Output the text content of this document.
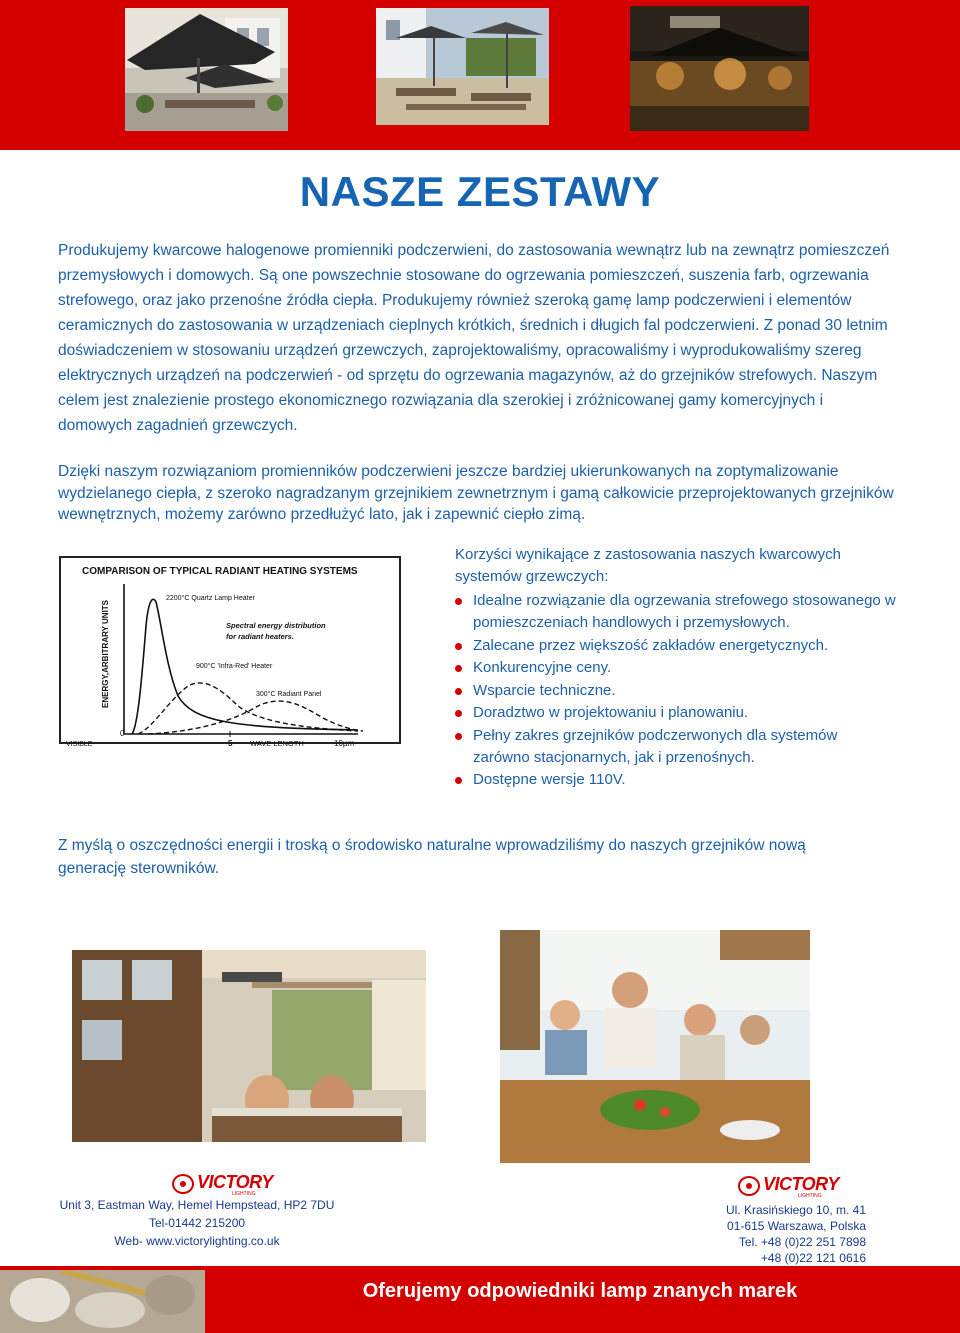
NASZE ZESTAWY
Produkujemy kwarcowe halogenowe promienniki podczerwieni, do zastosowania wewnątrz lub na zewnątrz pomieszczeń przemysłowych i domowych. Są one powszechnie stosowane do ogrzewania pomieszczeń, suszenia farb, ogrzewania strefowego, oraz jako przenośne źródła ciepła. Produkujemy również szeroką gamę lamp podczerwieni i elementów ceramicznych do zastosowania w urządzeniach cieplnych krótkich, średnich i długich fal podczerwieni. Z ponad 30 letnim doświadczeniem w stosowaniu urządzeń grzewczych, zaprojektowaliśmy, opracowaliśmy i wyprodukowaliśmy szereg elektrycznych urządzeń na podczerwień - od sprzętu do ogrzewania magazynów, aż do grzejników strefowych. Naszym celem jest znalezienie prostego ekonomicznego rozwiązania dla szerokiej i zróżnicowanej gamy komercyjnych i domowych zagadnień grzewczych.
Dzięki naszym rozwiązaniom promienników podczerwieni jeszcze bardziej ukierunkowanych na zoptymalizowanie wydzielanego ciepła, z szeroko nagradzanym grzejnikiem zewnetrznym i gamą całkowicie przeprojektowanych grzejników wewnętrznych, możemy zarówno przedłużyć lato, jak i zapewnić ciepło zimą.
COMPARISON OF TYPICAL RADIANT HEATING SYSTEMS
ENERGY,ARBITRARY UNITS
2200°C Quartz Lamp Heater
Spectral energy distribution
for radiant heaters.
900°C 'Infra-Red' Heater
300°C Radiant Panel
0
5	10µm
VISIBLE	WAVE LENGTH
Korzyści wynikające z zastosowania naszych kwarcowych systemów grzewczych:
Idealne rozwiązanie dla ogrzewania strefowego stosowanego w pomieszczeniach handlowych i przemysłowych.
Zalecane przez większość zakładów energetycznych.
Konkurencyjne ceny.
Wsparcie techniczne.
Doradztwo w projektowaniu i planowaniu.
Pełny zakres grzejników podczerwonych dla systemów zarówno stacjonarnych, jak i przenośnych.
Dostępne wersje 110V.
Z myślą o oszczędności energii i troską o środowisko naturalne wprowadziliśmy do naszych grzejników nową generację sterowników.
VICTORY
LIGHTING	VICTORY
LIGHTING
Unit 3, Eastman Way, Hemel Hempstead, HP2 7DU
Tel-01442 215200
Web- www.victorylighting.co.uk
Ul. Krasińskiego 10, m. 41
01-615 Warszawa, Polska
Tel. +48 (0)22 251 7898
+48 (0)22 121 0616
Oferujemy odpowiedniki lamp znanych marek
